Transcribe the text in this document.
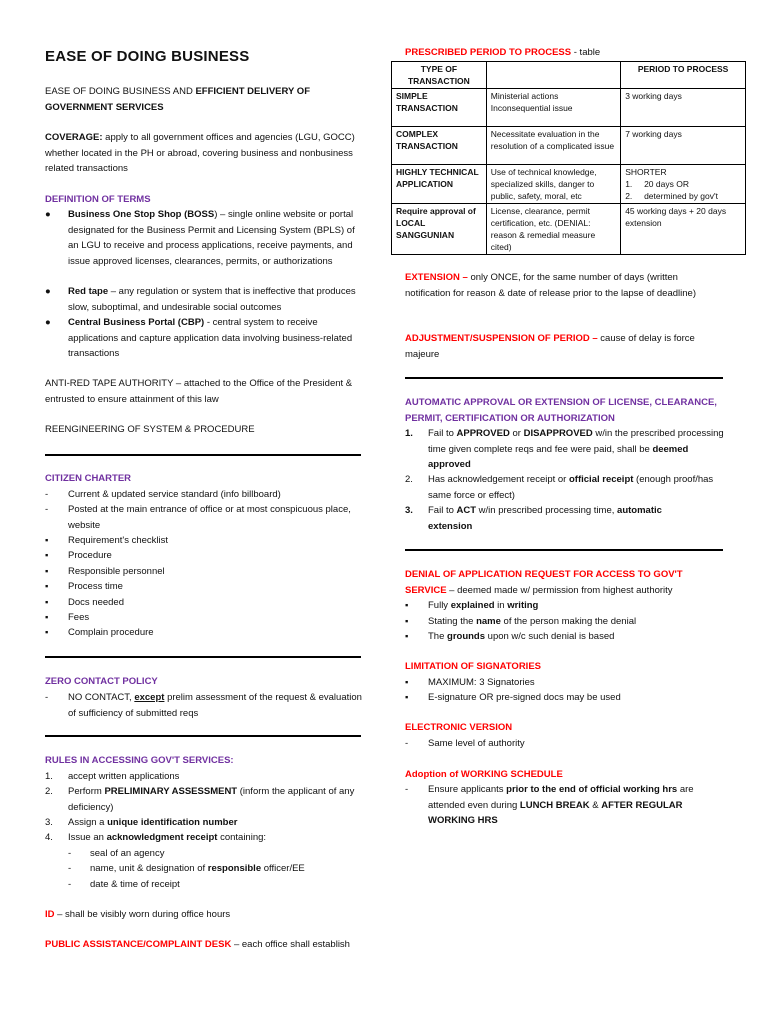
EASE OF DOING BUSINESS
EASE OF DOING BUSINESS AND EFFICIENT DELIVERY OF GOVERNMENT SERVICES
COVERAGE: apply to all government offices and agencies (LGU, GOCC) whether located in the PH or abroad, covering business and nonbusiness related transactions
DEFINITION OF TERMS
● Business One Stop Shop (BOSS) – single online website or portal designated for the Business Permit and Licensing System (BPLS) of an LGU to receive and process applications, receive payments, and issue approved licenses, clearances, permits, or authorizations
● Red tape – any regulation or system that is ineffective that produces slow, suboptimal, and undesirable social outcomes
● Central Business Portal (CBP) - central system to receive applications and capture application data involving business-related transactions
ANTI-RED TAPE AUTHORITY – attached to the Office of the President & entrusted to ensure attainment of this law
REENGINEERING OF SYSTEM & PROCEDURE
CITIZEN CHARTER
- Current & updated service standard (info billboard)
- Posted at the main entrance of office or at most conspicuous place, website
▪ Requirement's checklist
▪ Procedure
▪ Responsible personnel
▪ Process time
▪ Docs needed
▪ Fees
▪ Complain procedure
ZERO CONTACT POLICY
- NO CONTACT, except prelim assessment of the request & evaluation of sufficiency of submitted reqs
RULES IN ACCESSING GOV'T SERVICES:
1. accept written applications
2. Perform PRELIMINARY ASSESSMENT (inform the applicant of any deficiency)
3. Assign a unique identification number
4. Issue an acknowledgment receipt containing:
- seal of an agency
- name, unit & designation of responsible officer/EE
- date & time of receipt
ID – shall be visibly worn during office hours
PUBLIC ASSISTANCE/COMPLAINT DESK – each office shall establish
PRESCRIBED PERIOD TO PROCESS - table
TYPE OF TRANSACTION		PERIOD TO PROCESS
SIMPLE TRANSACTION	Ministerial actions Inconsequential issue	3 working days
COMPLEX TRANSACTION	Necessitate evaluation in the resolution of a complicated issue	7 working days
HIGHLY TECHNICAL APPLICATION	Use of technical knowledge, specialized skills, danger to public, safety, moral, etc	SHORTER
1.     20 days OR
2.     determined by gov't

Require approval of LOCAL SANGGUNIAN	License, clearance, permit certification, etc. (DENIAL: reason & remedial measure cited)	45 working days + 20 days extension
EXTENSION – only ONCE, for the same number of days (written notification for reason & date of release prior to the lapse of deadline)
ADJUSTMENT/SUSPENSION OF PERIOD – cause of delay is force majeure
AUTOMATIC APPROVAL OR EXTENSION OF LICENSE, CLEARANCE, PERMIT, CERTIFICATION OR AUTHORIZATION
1. Fail to APPROVED or DISAPPROVED w/in the prescribed processing time given complete reqs and fee were paid, shall be deemed approved
2. Has acknowledgement receipt or official receipt (enough proof/has same force or effect)
3. Fail to ACT w/in prescribed processing time, automatic extension
DENIAL OF APPLICATION REQUEST FOR ACCESS TO GOV'T SERVICE – deemed made w/ permission from highest authority
▪ Fully explained in writing
▪ Stating the name of the person making the denial
▪ The grounds upon w/c such denial is based
LIMITATION OF SIGNATORIES
▪ MAXIMUM: 3 Signatories
▪ E-signature OR pre-signed docs may be used
ELECTRONIC VERSION
- Same level of authority
Adoption of WORKING SCHEDULE
- Ensure applicants prior to the end of official working hrs are attended even during LUNCH BREAK & AFTER REGULAR WORKING HRS
